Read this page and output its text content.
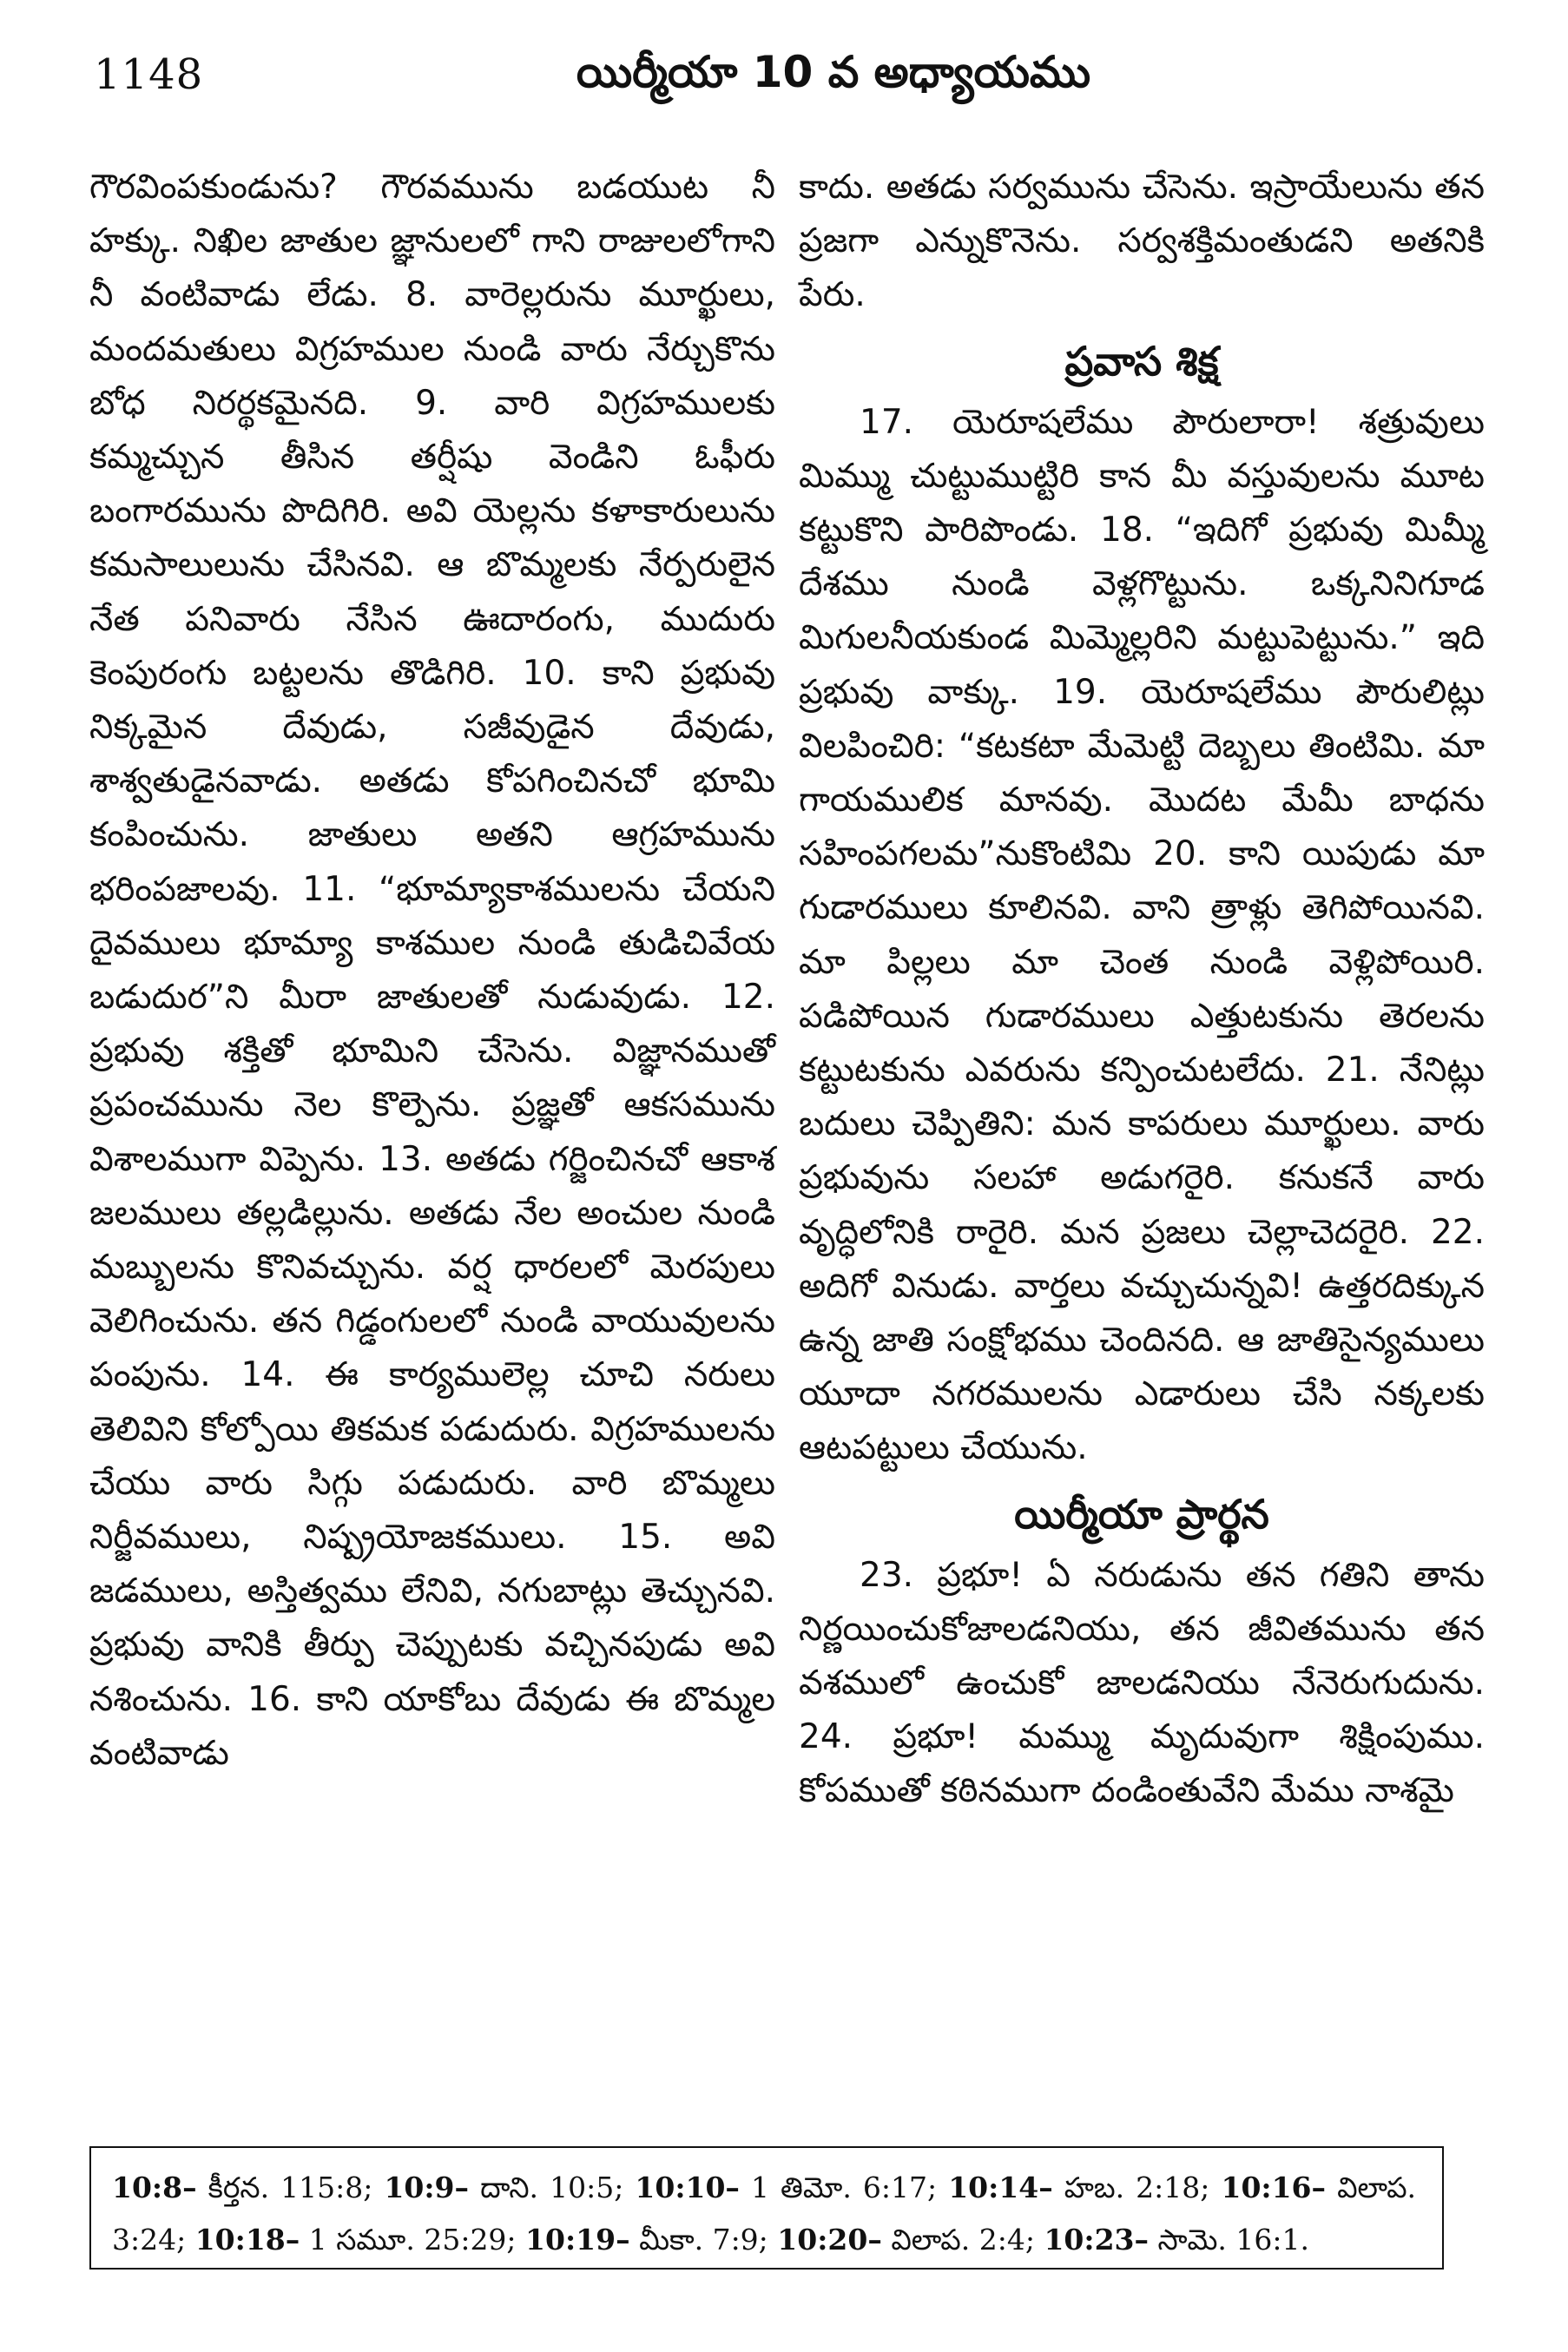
1148	యిర్మీయా 10 వ అధ్యాయము

గౌరవింపకుండును? గౌరవమును బడయుట నీ హక్కు. నిఖిల జాతుల జ్ఞానులలో గాని రాజులలోగాని నీ వంటివాడు లేడు. 8. వారెల్లరును మూర్ఖులు, మందమతులు విగ్రహముల నుండి వారు నేర్చుకొను బోధ నిరర్థకమైనది. 9. వారి విగ్రహములకు కమ్మచ్చున తీసిన తర్షీషు వెండిని ఓఫీరు బంగారమును పొదిగిరి. అవి యెల్లను కళాకారులును కమసాలులును చేసినవి. ఆ బొమ్మలకు నేర్పరులైన నేత పనివారు నేసిన ఊదారంగు, ముదురు కెంపురంగు బట్టలను తొడిగిరి. 10. కాని ప్రభువు నిక్కమైన దేవుడు, సజీవుడైన దేవుడు, శాశ్వతుడైనవాడు. అతడు కోపగించినచో భూమి కంపించును. జాతులు అతని ఆగ్రహమును భరింపజాలవు. 11. “భూమ్యాకాశములను చేయని దైవములు భూమ్యా కాశముల నుండి తుడిచివేయ బడుదుర”ని మీరా జాతులతో నుడువుడు. 12. ప్రభువు శక్తితో భూమిని చేసెను. విజ్ఞానముతో ప్రపంచమును నెల కొల్పెను. ప్రజ్ఞతో ఆకసమును విశాలముగా విప్పెను. 13. అతడు గర్జించినచో ఆకాశ జలములు తల్లడిల్లును. అతడు నేల అంచుల నుండి మబ్బులను కొనివచ్చును. వర్ష ధారలలో మెరపులు వెలిగించును. తన గిడ్డంగులలో నుండి వాయువులను పంపును. 14. ఈ కార్యములెల్ల చూచి నరులు తెలివిని కోల్పోయి తికమక పడుదురు. విగ్రహములను చేయు వారు సిగ్గు పడుదురు. వారి బొమ్మలు నిర్జీవములు, నిష్ప్రయోజకములు. 15. అవి జడములు, అస్తిత్వము లేనివి, నగుబాట్లు తెచ్చునవి. ప్రభువు వానికి తీర్పు చెప్పుటకు వచ్చినపుడు అవి నశించును. 16. కాని యాకోబు దేవుడు ఈ బొమ్మల వంటివాడు

కాదు. అతడు సర్వమును చేసెను. ఇస్రాయేలును తన ప్రజగా ఎన్నుకొనెను. సర్వశక్తిమంతుడని అతనికి పేరు.

ప్రవాస శిక్ష

17. యెరూషలేము పౌరులారా! శత్రువులు మిమ్ము చుట్టుముట్టిరి కాన మీ వస్తువులను మూట కట్టుకొని పారిపొండు. 18. “ఇదిగో ప్రభువు మిమ్మీ దేశము నుండి వెళ్లగొట్టును. ఒక్కనినిగూడ మిగులనీయకుండ మిమ్మెల్లరిని మట్టుపెట్టును.” ఇది ప్రభువు వాక్కు. 19. యెరూషలేము పౌరులిట్లు విలపించిరి: “కటకటా మేమెట్టి దెబ్బలు తింటిమి. మా గాయములిక మానవు. మొదట మేమీ బాధను సహింపగలమ”నుకొంటిమి 20. కాని యిపుడు మా గుడారములు కూలినవి. వాని త్రాళ్లు తెగిపోయినవి. మా పిల్లలు మా చెంత నుండి వెళ్లిపోయిరి. పడిపోయిన గుడారములు ఎత్తుటకును తెరలను కట్టుటకును ఎవరును కన్పించుటలేదు. 21. నేనిట్లు బదులు చెప్పితిని: మన కాపరులు మూర్ఖులు. వారు ప్రభువును సలహా అడుగరైరి. కనుకనే వారు వృద్ధిలోనికి రారైరి. మన ప్రజలు చెల్లాచెదరైరి. 22. అదిగో వినుడు. వార్తలు వచ్చుచున్నవి! ఉత్తరదిక్కున ఉన్న జాతి సంక్షోభము చెందినది. ఆ జాతిసైన్యములు యూదా నగరములను ఎడారులు చేసి నక్కలకు ఆటపట్టులు చేయును.

యిర్మీయా ప్రార్థన

23. ప్రభూ! ఏ నరుడును తన గతిని తాను నిర్ణయించుకోజాలడనియు, తన జీవితమును తన వశములో ఉంచుకో జాలడనియు నేనెరుగుదును. 24. ప్రభూ! మమ్ము మృదువుగా శిక్షింపుము. కోపముతో కఠినముగా దండింతువేని మేము నాశమై

10:8– కీర్తన. 115:8; 10:9– దాని. 10:5; 10:10– 1 తిమో. 6:17; 10:14– హబ. 2:18; 10:16– విలాప. 3:24; 10:18– 1 సమూ. 25:29; 10:19– మీకా. 7:9; 10:20– విలాప. 2:4; 10:23– సామె. 16:1.
